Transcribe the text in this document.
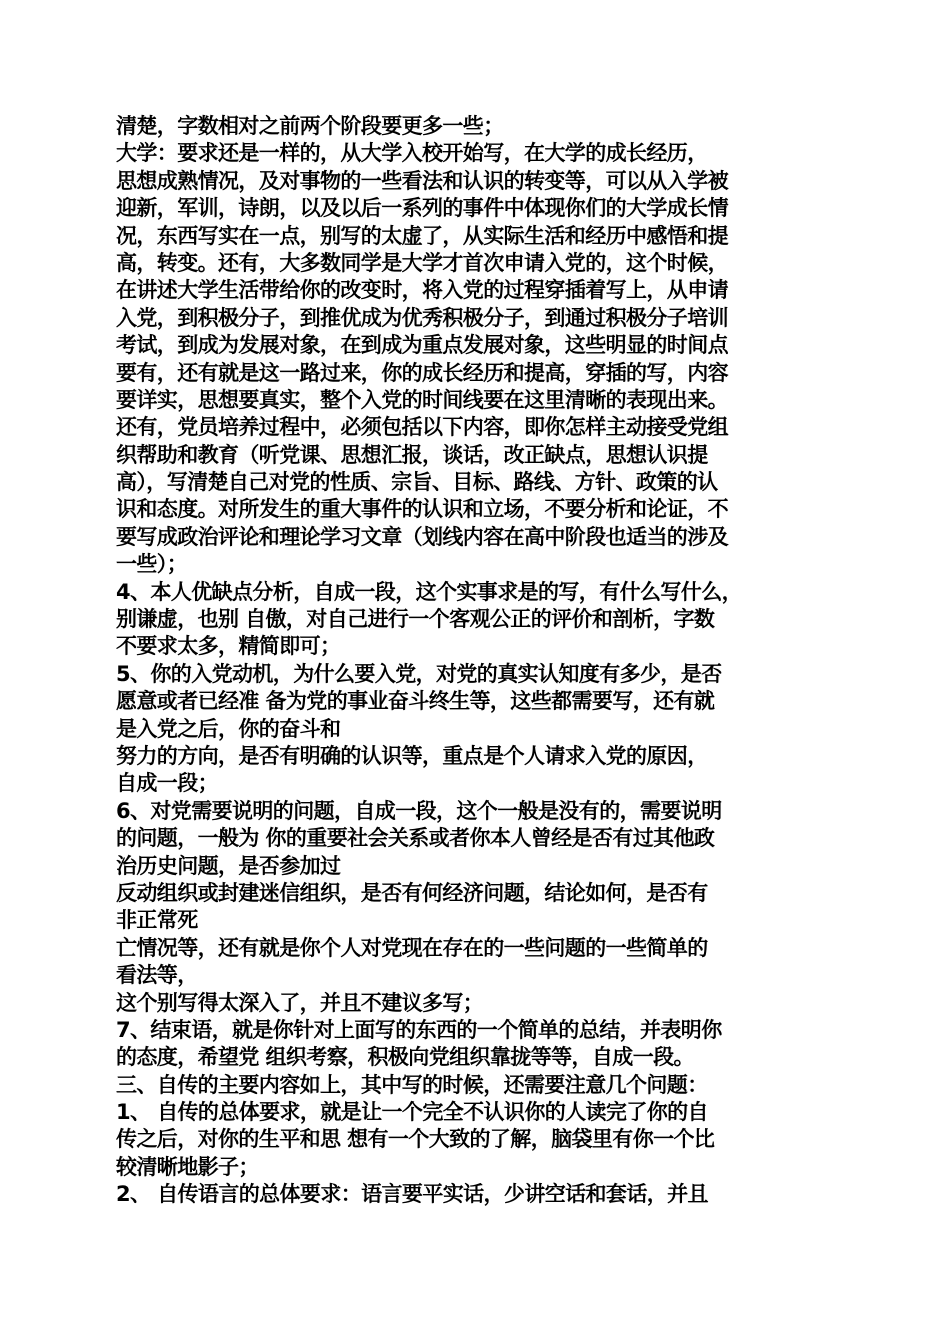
清楚，字数相对之前两个阶段要更多一些；
大学：要求还是一样的，从大学入校开始写，在大学的成长经历，
思想成熟情况，及对事物的一些看法和认识的转变等，可以从入学被
迎新，军训，诗朗，以及以后一系列的事件中体现你们的大学成长情
况，东西写实在一点，别写的太虚了，从实际生活和经历中感悟和提
高，转变。还有，大多数同学是大学才首次申请入党的，这个时候，
在讲述大学生活带给你的改变时，将入党的过程穿插着写上，从申请
入党，到积极分子，到推优成为优秀积极分子，到通过积极分子培训
考试，到成为发展对象，在到成为重点发展对象，这些明显的时间点
要有，还有就是这一路过来，你的成长经历和提高，穿插的写，内容
要详实，思想要真实，整个入党的时间线要在这里清晰的表现出来。
还有，党员培养过程中，必须包括以下内容，即你怎样主动接受党组
织帮助和教育（听党课、思想汇报，谈话，改正缺点，思想认识提
高），写清楚自己对党的性质、宗旨、目标、路线、方针、政策的认
识和态度。对所发生的重大事件的认识和立场，不要分析和论证，不
要写成政治评论和理论学习文章（划线内容在高中阶段也适当的涉及
一些）；
4、本人优缺点分析，自成一段，这个实事求是的写，有什么写什么，
别谦虚，也别 自傲，对自己进行一个客观公正的评价和剖析，字数
不要求太多，精简即可；
5、你的入党动机，为什么要入党，对党的真实认知度有多少，是否
愿意或者已经准 备为党的事业奋斗终生等，这些都需要写，还有就
是入党之后，你的奋斗和
努力的方向，是否有明确的认识等，重点是个人请求入党的原因，
自成一段；
6、对党需要说明的问题，自成一段，这个一般是没有的，需要说明
的问题，一般为 你的重要社会关系或者你本人曾经是否有过其他政
治历史问题，是否参加过
反动组织或封建迷信组织，是否有何经济问题，结论如何，是否有
非正常死
亡情况等，还有就是你个人对党现在存在的一些问题的一些简单的
看法等，
这个别写得太深入了，并且不建议多写；
7、结束语，就是你针对上面写的东西的一个简单的总结，并表明你
的态度，希望党 组织考察，积极向党组织靠拢等等，自成一段。
三、自传的主要内容如上，其中写的时候，还需要注意几个问题：
1、 自传的总体要求，就是让一个完全不认识你的人读完了你的自
传之后，对你的生平和思 想有一个大致的了解，脑袋里有你一个比
较清晰地影子；
2、 自传语言的总体要求：语言要平实话，少讲空话和套话，并且
